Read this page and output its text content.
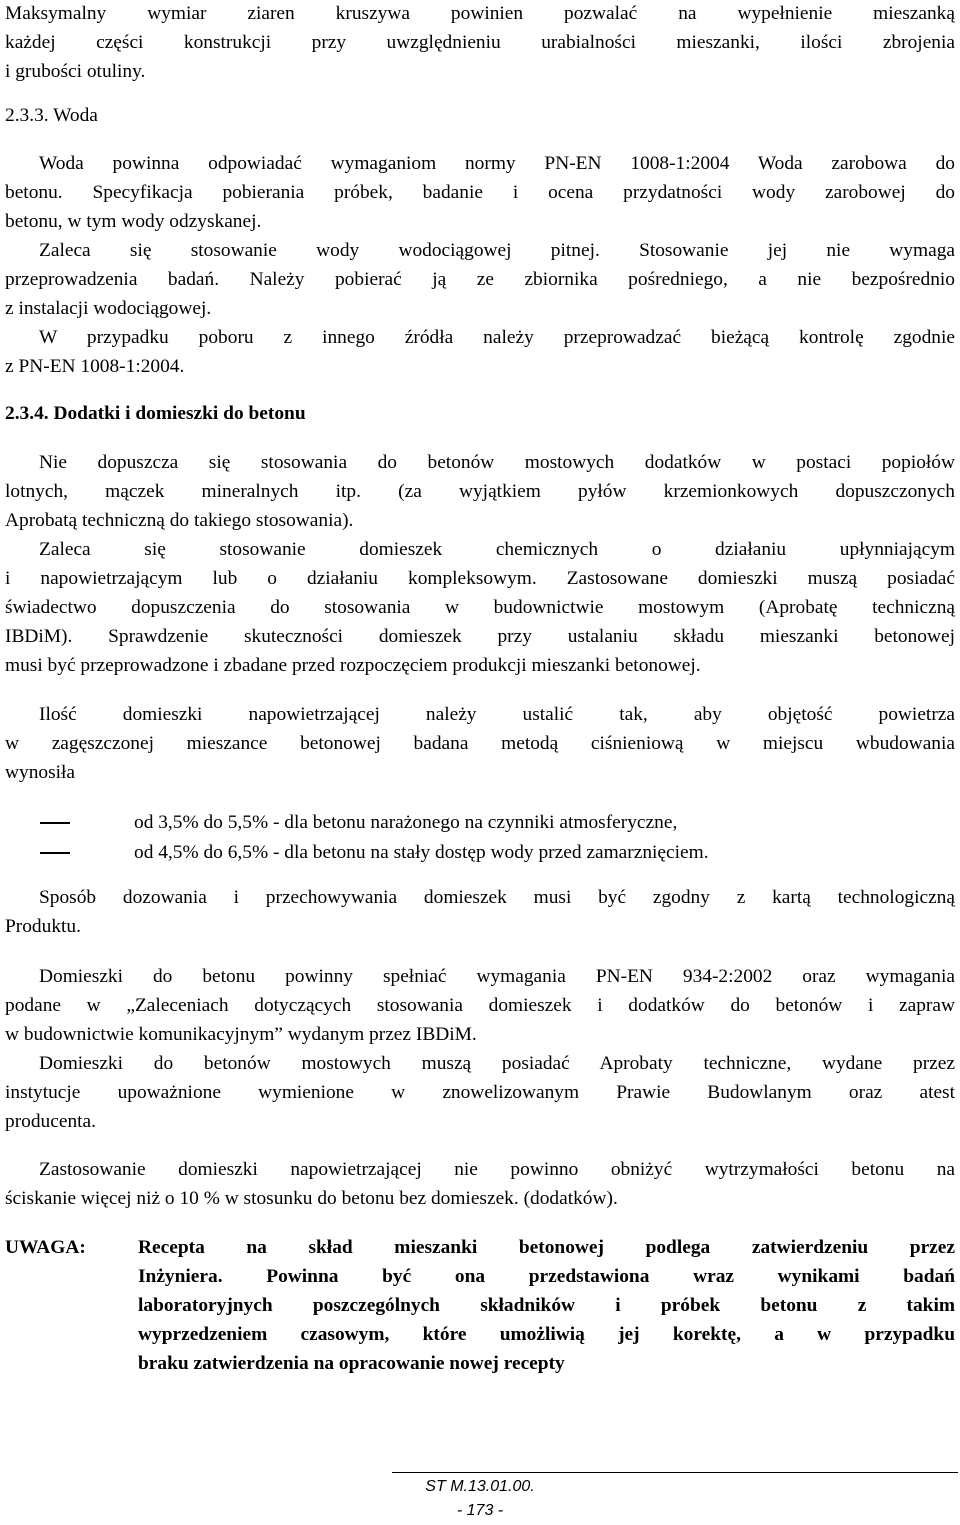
Maksymalny wymiar ziaren kruszywa powinien pozwalać na wypełnienie mieszanką
każdej części konstrukcji przy uwzględnieniu urabialności mieszanki, ilości zbrojenia
i grubości otuliny.
2.3.3. Woda
Woda powinna odpowiadać wymaganiom normy PN-EN 1008-1:2004 Woda zarobowa do
betonu. Specyfikacja pobierania próbek, badanie i ocena przydatności wody zarobowej do
betonu, w tym wody odzyskanej.
Zaleca się stosowanie wody wodociągowej pitnej. Stosowanie jej nie wymaga
przeprowadzenia badań. Należy pobierać ją ze zbiornika pośredniego, a nie bezpośrednio
z instalacji wodociągowej.
W przypadku poboru z innego źródła należy przeprowadzać bieżącą kontrolę zgodnie
z PN-EN 1008-1:2004.
2.3.4. Dodatki i domieszki do betonu
Nie dopuszcza się stosowania do betonów mostowych dodatków w postaci popiołów
lotnych, mączek mineralnych itp. (za wyjątkiem pyłów krzemionkowych dopuszczonych
Aprobatą techniczną do takiego stosowania).
Zaleca się stosowanie domieszek chemicznych o działaniu upłynniającym
i napowietrzającym lub o działaniu kompleksowym. Zastosowane domieszki muszą posiadać
świadectwo dopuszczenia do stosowania w budownictwie mostowym (Aprobatę techniczną
IBDiM). Sprawdzenie skuteczności domieszek przy ustalaniu składu mieszanki betonowej
musi być przeprowadzone i zbadane przed rozpoczęciem produkcji mieszanki betonowej.
Ilość domieszki napowietrzającej należy ustalić tak, aby objętość powietrza
w zagęszczonej mieszance betonowej badana metodą ciśnieniową w miejscu wbudowania
wynosiła
od 3,5% do 5,5% - dla betonu narażonego na czynniki atmosferyczne,
od 4,5% do 6,5% - dla betonu na stały dostęp wody przed zamarznięciem.
Sposób dozowania i przechowywania domieszek musi być zgodny z kartą technologiczną
Produktu.
Domieszki do betonu powinny spełniać wymagania PN-EN 934-2:2002 oraz wymagania
podane w „Zaleceniach dotyczących stosowania domieszek i dodatków do betonów i zapraw
w budownictwie komunikacyjnym” wydanym przez IBDiM.
Domieszki do betonów mostowych muszą posiadać Aprobaty techniczne, wydane przez
instytucje upoważnione wymienione w znowelizowanym Prawie Budowlanym oraz atest
producenta.
Zastosowanie domieszki napowietrzającej nie powinno obniżyć wytrzymałości betonu na
ściskanie więcej niż o 10 % w stosunku do betonu bez domieszek. (dodatków).
UWAGA:	Recepta na skład mieszanki betonowej podlega zatwierdzeniu przez
Inżyniera. Powinna być ona przedstawiona wraz wynikami badań
laboratoryjnych poszczególnych składników i próbek betonu z takim
wyprzedzeniem czasowym, które umożliwią jej korektę, a w przypadku
braku zatwierdzenia na opracowanie nowej recepty
ST M.13.01.00.
- 173 -
